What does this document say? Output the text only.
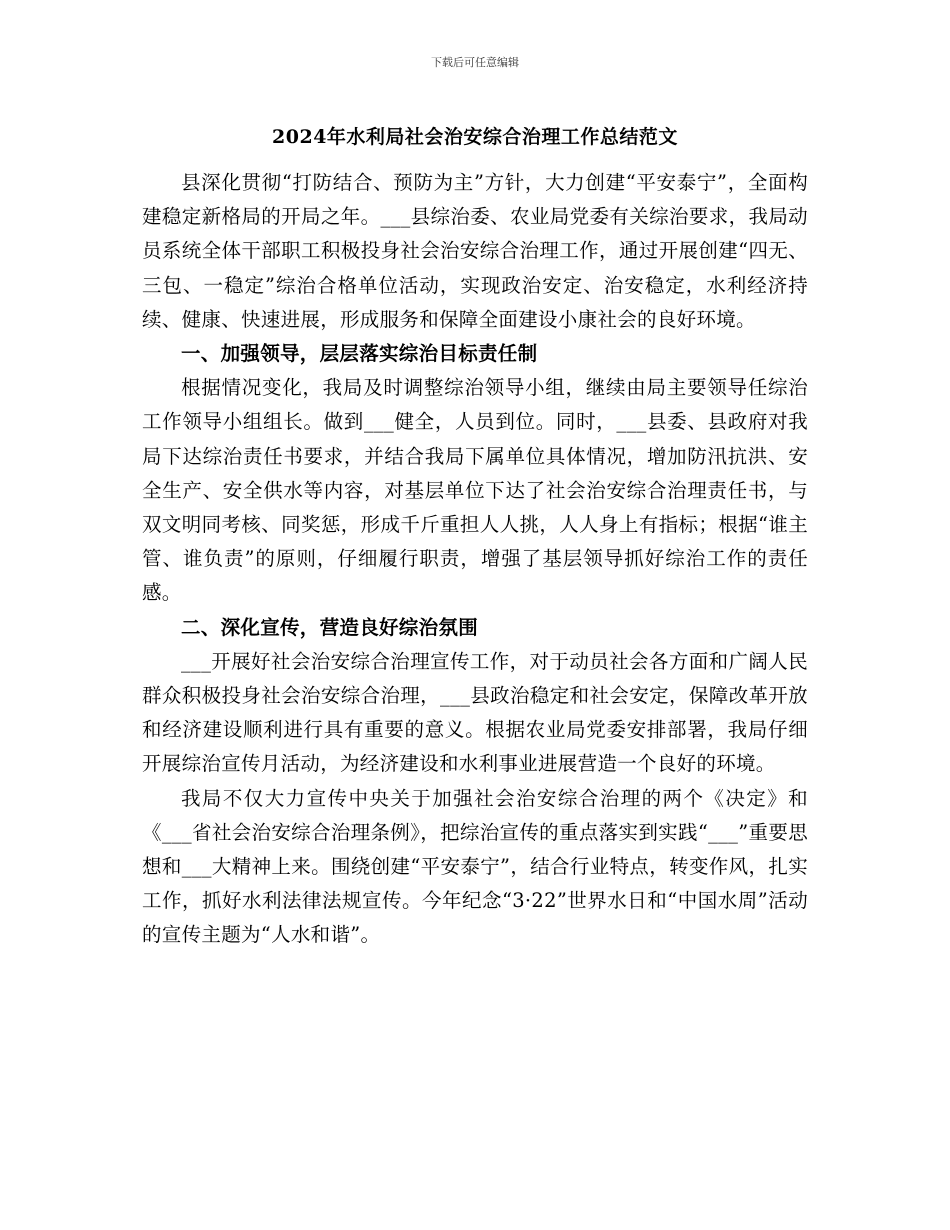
下载后可任意编辑
2024年水利局社会治安综合治理工作总结范文

县深化贯彻“打防结合、预防为主”方针，大力创建“平安泰宁”，全面构建稳定新格局的开局之年。___县综治委、农业局党委有关综治要求，我局动员系统全体干部职工积极投身社会治安综合治理工作，通过开展创建“四无、三包、一稳定”综治合格单位活动，实现政治安定、治安稳定，水利经济持续、健康、快速进展，形成服务和保障全面建设小康社会的良好环境。

一、加强领导，层层落实综治目标责任制

根据情况变化，我局及时调整综治领导小组，继续由局主要领导任综治工作领导小组组长。做到___健全，人员到位。同时，___县委、县政府对我局下达综治责任书要求，并结合我局下属单位具体情况，增加防汛抗洪、安全生产、安全供水等内容，对基层单位下达了社会治安综合治理责任书，与双文明同考核、同奖惩，形成千斤重担人人挑，人人身上有指标；根据“谁主管、谁负责”的原则，仔细履行职责，增强了基层领导抓好综治工作的责任感。

二、深化宣传，营造良好综治氛围

___开展好社会治安综合治理宣传工作，对于动员社会各方面和广阔人民群众积极投身社会治安综合治理，___县政治稳定和社会安定，保障改革开放和经济建设顺利进行具有重要的意义。根据农业局党委安排部署，我局仔细开展综治宣传月活动，为经济建设和水利事业进展营造一个良好的环境。

我局不仅大力宣传中央关于加强社会治安综合治理的两个《决定》和《___省社会治安综合治理条例》，把综治宣传的重点落实到实践“___”重要思想和___大精神上来。围绕创建“平安泰宁”，结合行业特点，转变作风，扎实工作，抓好水利法律法规宣传。今年纪念“3·22”世界水日和“中国水周”活动的宣传主题为“人水和谐”。
